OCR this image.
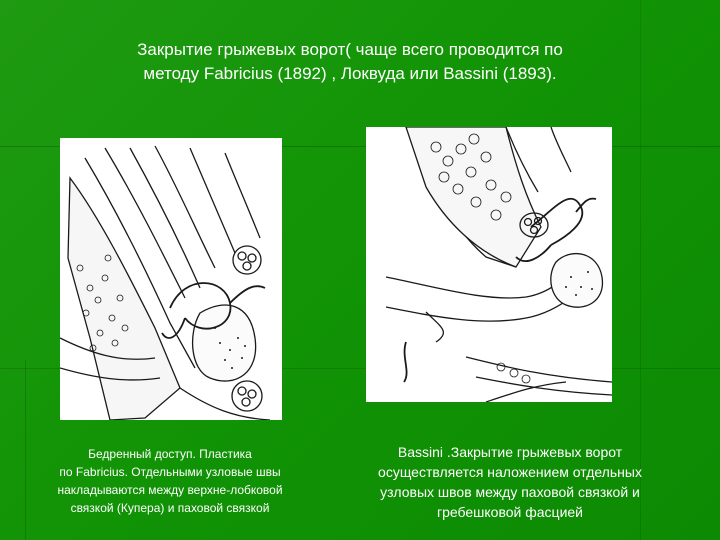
Закрытие грыжевых ворот( чаще всего проводится по
методу Fabricius (1892) , Локвуда или Bassini (1893).
Бедренный доступ. Пластика
по Fabricius. Отдельными узловые швы
накладываются между верхне-лобковой
связкой (Купера) и паховой связкой
Bassini .Закрытие грыжевых ворот
осуществляется наложением отдельных
узловых швов между паховой связкой и
гребешковой фасцией
